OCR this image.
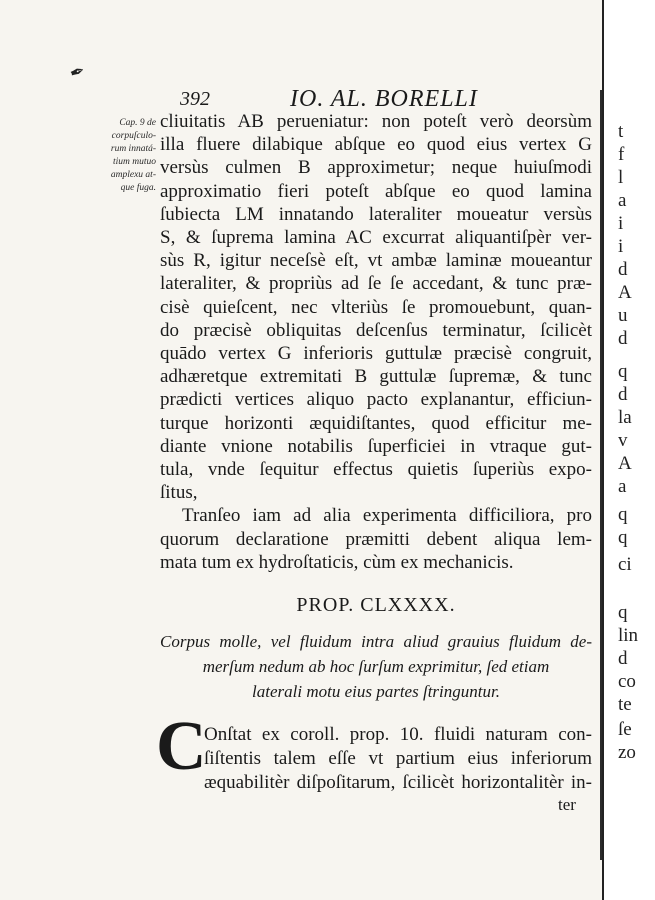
✒
392	IO. AL. BORELLI
Cap. 9 de
corpuſculo-
rum innatá-
tium mutuo
amplexu at-
que fuga.
cliuitatis AB perueniatur: non poteſt verò deorsùm
illa fluere dilabique abſque eo quod eius vertex G
versùs culmen B approximetur; neque huiuſmodi
approximatio fieri poteſt abſque eo quod lamina
ſubiecta LM innatando lateraliter moueatur versùs
S, & ſuprema lamina AC excurrat aliquantiſpèr ver-
sùs R, igitur neceſsè eſt, vt ambæ laminæ moueantur
lateraliter, & propriùs ad ſe ſe accedant, & tunc præ-
cisè quieſcent, nec vlteriùs ſe promouebunt, quan-
do præcisè obliquitas deſcenſus terminatur, ſcilicèt
quādo vertex G inferioris guttulæ præcisè congruit,
adhæretque extremitati B guttulæ ſupremæ, & tunc
prædicti vertices aliquo pacto explanantur, efficiun-
turque horizonti æquidiſtantes, quod efficitur me-
diante vnione notabilis ſuperficiei in vtraque gut-
tula, vnde ſequitur effectus quietis ſuperiùs expo-
ſitus,
Tranſeo iam ad alia experimenta difficiliora, pro
quorum declaratione præmitti debent aliqua lem-
mata tum ex hydroſtaticis, cùm ex mechanicis.
PROP. CLXXXX.
Corpus molle, vel fluidum intra aliud grauius fluidum de-
merſum nedum ab hoc ſurſum exprimitur, ſed etiam
laterali motu eius partes ſtringuntur.
C
Onſtat ex coroll. prop. 10. fluidi naturam con-
ſiſtentis talem eſſe vt partium eius inferiorum
æquabilitèr diſpoſitarum, ſcilicèt horizontalitèr in-
ter
t
f
l
a
i
i
d
A
u
d
q
d
la
v
A
a
q
q
ci
q
lin
d
co
te
ſe
zo
